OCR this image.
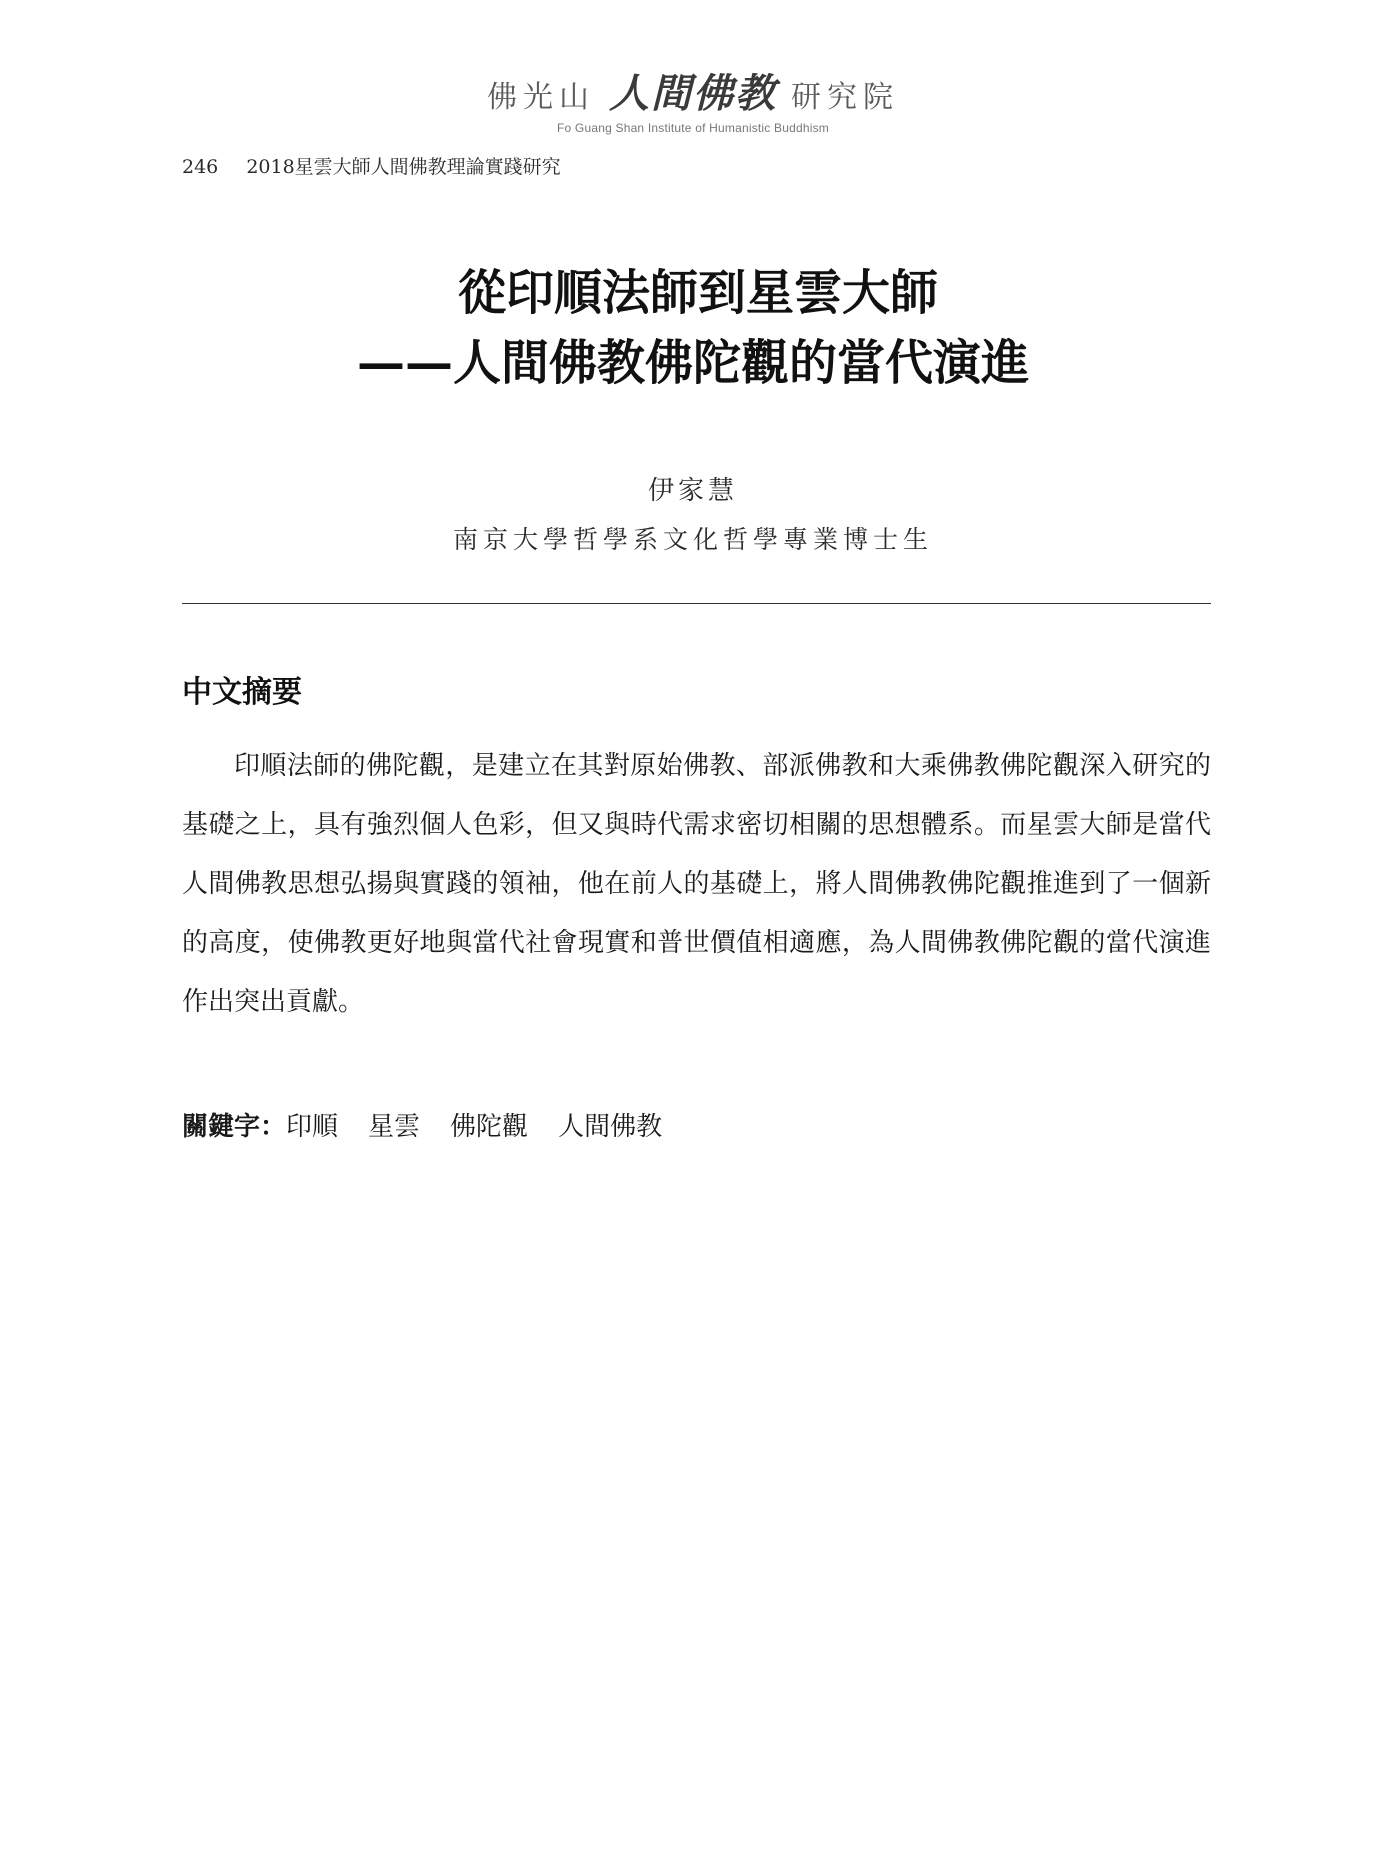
佛光山 人間佛教 研究院
Fo Guang Shan Institute of Humanistic Buddhism
246 2018星雲大師人間佛教理論實踐研究
從印順法師到星雲大師
——人間佛教佛陀觀的當代演進
伊家慧
南京大學哲學系文化哲學專業博士生
中文摘要

印順法師的佛陀觀，是建立在其對原始佛教、部派佛教和大乘佛教佛陀觀深入研究的基礎之上，具有強烈個人色彩，但又與時代需求密切相關的思想體系。而星雲大師是當代人間佛教思想弘揚與實踐的領袖，他在前人的基礎上，將人間佛教佛陀觀推進到了一個新的高度，使佛教更好地與當代社會現實和普世價值相適應，為人間佛教佛陀觀的當代演進作出突出貢獻。

關鍵字：印順 星雲 佛陀觀 人間佛教
